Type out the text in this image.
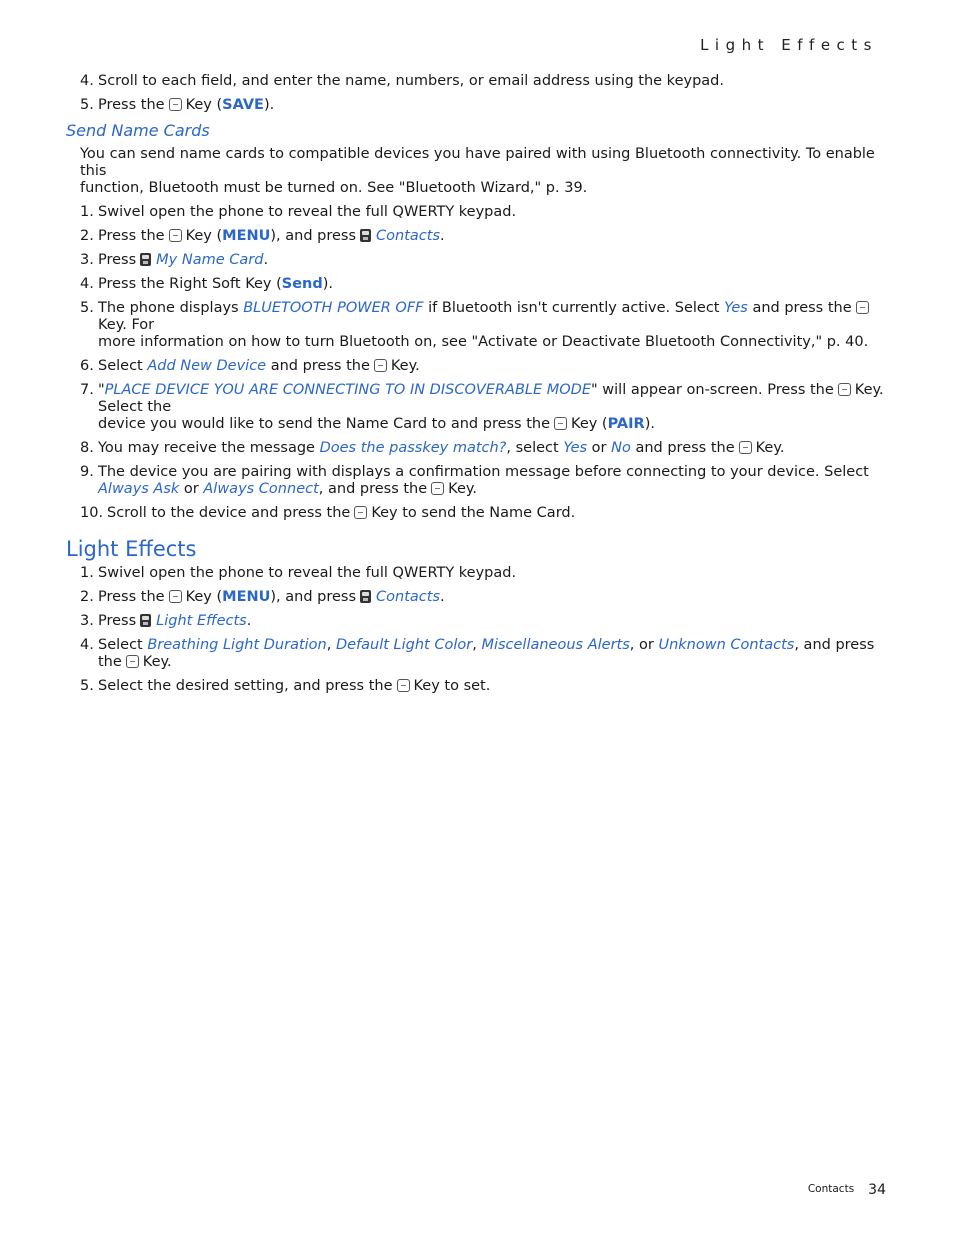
Light Effects

4. Scroll to each field, and enter the name, numbers, or email address using the keypad.

5. Press the Key (SAVE).

Send Name Cards
You can send name cards to compatible devices you have paired with using Bluetooth connectivity. To enable this
function, Bluetooth must be turned on. See "Bluetooth Wizard," p. 39.

1. Swivel open the phone to reveal the full QWERTY keypad.

2. Press the Key (MENU), and press Contacts.

3. Press My Name Card.

4. Press the Right Soft Key (Send).

5. The phone displays BLUETOOTH POWER OFF if Bluetooth isn't currently active. Select Yes and press theKey. For
more information on how to turn Bluetooth on, see "Activate or Deactivate Bluetooth Connectivity," p. 40.

6. Select Add New Device and press the Key.

7. "PLACE DEVICE YOU ARE CONNECTING TO IN DISCOVERABLE MODE" will appear on-screen. Press the Key. Select the
device you would like to send the Name Card to and press the Key (PAIR).

8. You may receive the message Does the passkey match?, select Yes or No and press the Key.

9. The device you are pairing with displays a confirmation message before connecting to your device. Select Always Ask or Always Connect, and press the Key.

10. Scroll to the device and press the Key to send the Name Card.

Light Effects

1. Swivel open the phone to reveal the full QWERTY keypad.

2. Press the Key (MENU), and press Contacts.

3. Press Light Effects.

4. Select Breathing Light Duration, Default Light Color, Miscellaneous Alerts, or Unknown Contacts, and press the Key.

5. Select the desired setting, and press the Key to set.

Contacts 34
